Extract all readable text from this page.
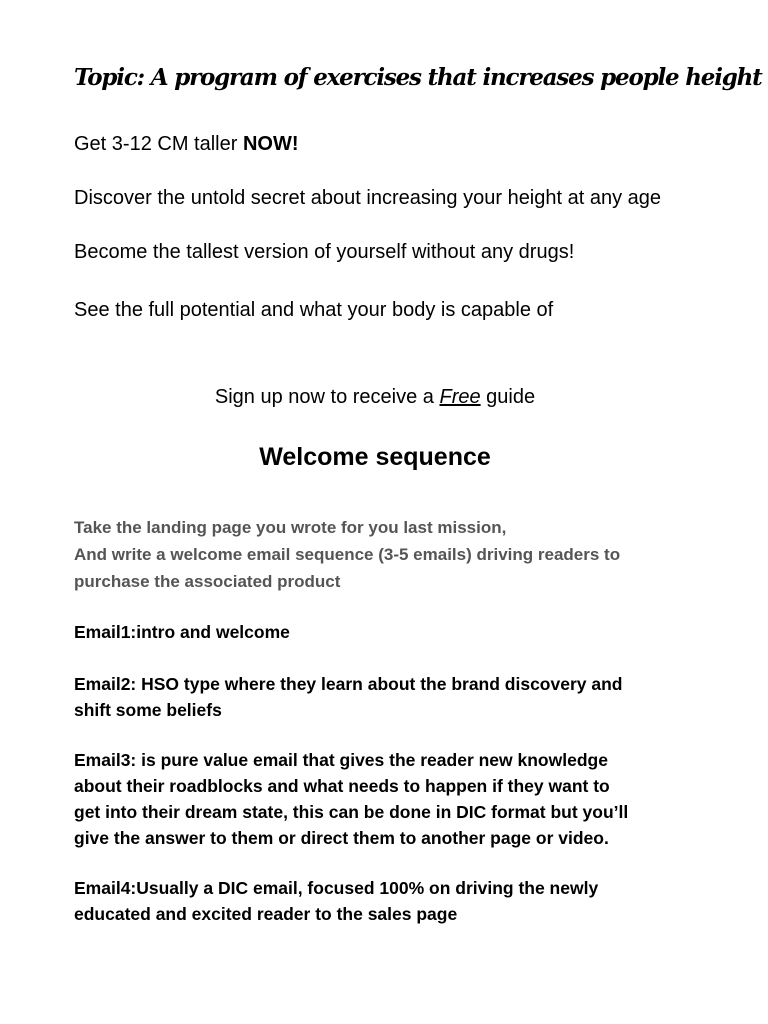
Topic: A program of exercises that increases people height
Get 3-12 CM taller NOW!
Discover the untold secret about increasing your height at any age
Become the tallest version of yourself without any drugs!
See the full potential and what your body is capable of
Sign up now to receive a Free guide
Welcome sequence
Take the landing page you wrote for you last mission,
And write a welcome email sequence (3-5 emails) driving readers to
purchase the associated product
Email1:intro and welcome
Email2: HSO type where they learn about the brand discovery and
shift some beliefs
Email3: is pure value email that gives the reader new knowledge
about their roadblocks and what needs to happen if they want to
get into their dream state, this can be done in DIC format but you’ll
give the answer to them or direct them to another page or video.
Email4:Usually a DIC email, focused 100% on driving the newly
educated and excited reader to the sales page
